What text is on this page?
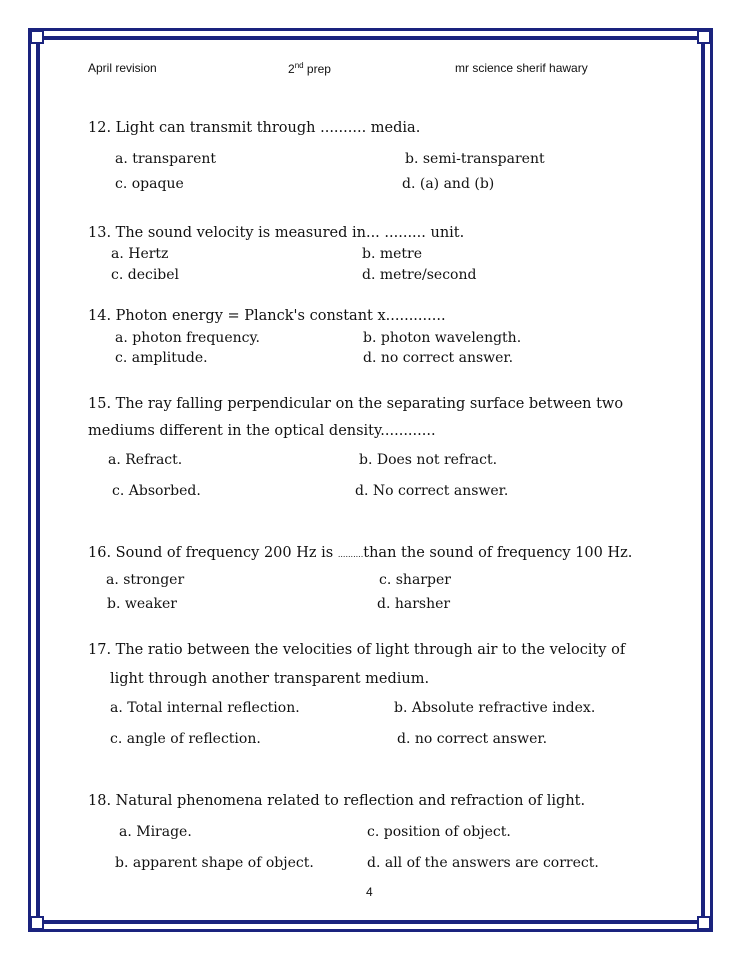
April revision	2nd prep	mr science sherif hawary
12. Light can transmit through .......... media.
a. transparent	b. semi-transparent
c. opaque	d. (a) and (b)
13. The sound velocity is measured in... ......... unit.
a. Hertz	b. metre
c. decibel	d. metre/second
14. Photon energy = Planck's constant x.............
a. photon frequency.	b. photon wavelength.
c. amplitude.	d. no correct answer.
15. The ray falling perpendicular on the separating surface between two
mediums different in the optical density............
a. Refract.	b. Does not refract.
c. Absorbed.	d. No correct answer.
16. Sound of frequency 200 Hz is ..........than the sound of frequency 100 Hz.
a. stronger	c. sharper
b. weaker	d. harsher
17. The ratio between the velocities of light through air to the velocity of
light through another transparent medium.
a. Total internal reflection.	b. Absolute refractive index.
c. angle of reflection.	d. no correct answer.
18. Natural phenomena related to reflection and refraction of light.
a. Mirage.	c. position of object.
b. apparent shape of object.	d. all of the answers are correct.
4
